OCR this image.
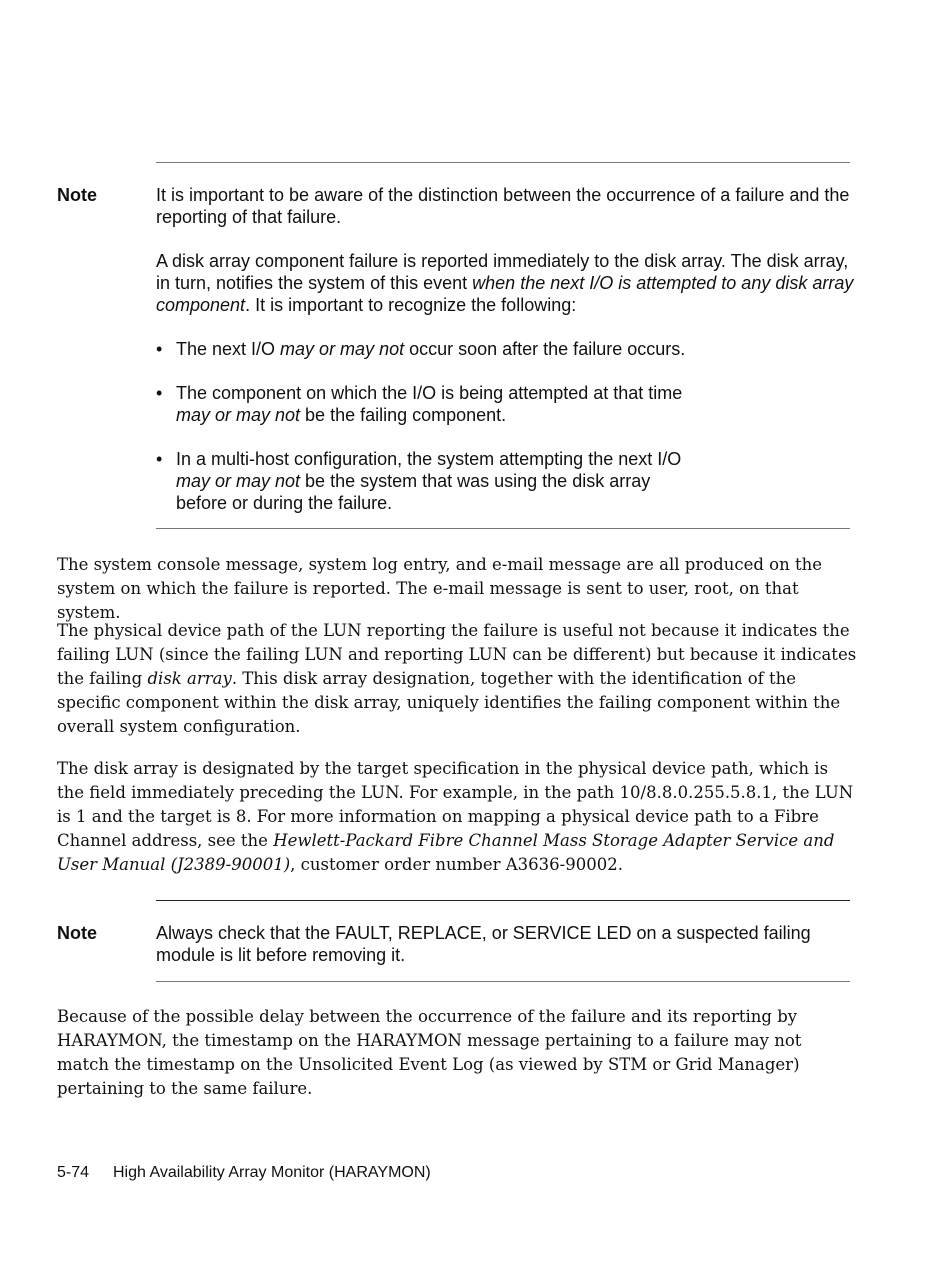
Note	It is important to be aware of the distinction between the occurrence of a failure and the reporting of that failure.
A disk array component failure is reported immediately to the disk array. The disk array, in turn, notifies the system of this event when the next I/O is attempted to any disk array component. It is important to recognize the following:
• The next I/O may or may not occur soon after the failure occurs.
• The component on which the I/O is being attempted at that time may or may not be the failing component.
• In a multi-host configuration, the system attempting the next I/O may or may not be the system that was using the disk array before or during the failure.
The system console message, system log entry, and e-mail message are all produced on the system on which the failure is reported. The e-mail message is sent to user, root, on that system.
The physical device path of the LUN reporting the failure is useful not because it indicates the failing LUN (since the failing LUN and reporting LUN can be different) but because it indicates the failing disk array. This disk array designation, together with the identification of the specific component within the disk array, uniquely identifies the failing component within the overall system configuration.
The disk array is designated by the target specification in the physical device path, which is the field immediately preceding the LUN. For example, in the path 10/8.8.0.255.5.8.1, the LUN is 1 and the target is 8. For more information on mapping a physical device path to a Fibre Channel address, see the Hewlett-Packard Fibre Channel Mass Storage Adapter Service and User Manual (J2389-90001), customer order number A3636-90002.
Note	Always check that the FAULT, REPLACE, or SERVICE LED on a suspected failing module is lit before removing it.
Because of the possible delay between the occurrence of the failure and its reporting by HARAYMON, the timestamp on the HARAYMON message pertaining to a failure may not match the timestamp on the Unsolicited Event Log (as viewed by STM or Grid Manager) pertaining to the same failure.
5-74 High Availability Array Monitor (HARAYMON)
